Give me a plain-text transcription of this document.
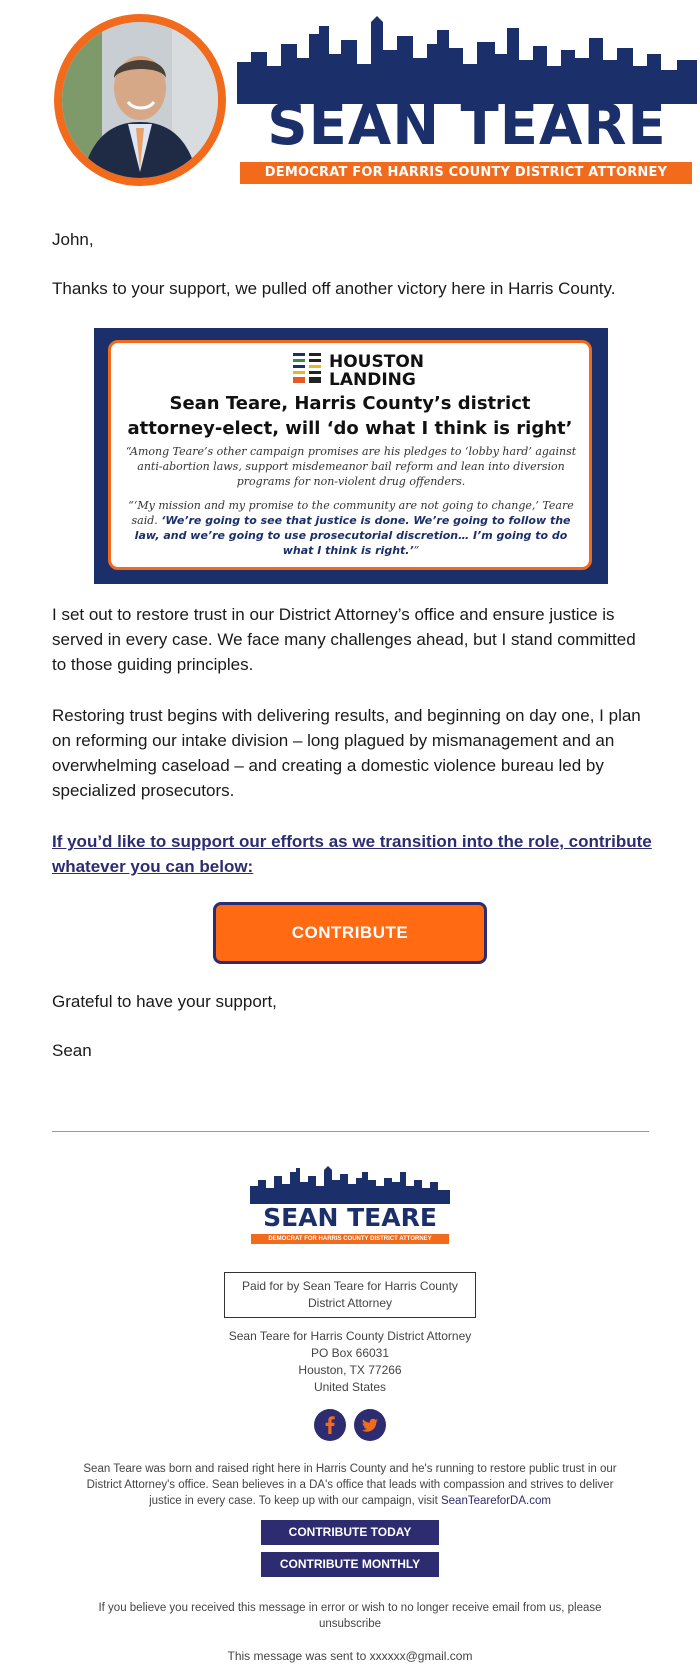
SEAN TEARE
DEMOCRAT FOR HARRIS COUNTY DISTRICT ATTORNEY
John,
Thanks to your support, we pulled off another victory here in Harris County.
HOUSTON
LANDING
Sean Teare, Harris County’s district attorney-elect, will ‘do what I think is right’
“Among Teare’s other campaign promises are his pledges to ‘lobby hard’ against anti-abortion laws, support misdemeanor bail reform and lean into diversion programs for non-violent drug offenders.
“‘My mission and my promise to the community are not going to change,’ Teare said. ‘We’re going to see that justice is done. We’re going to follow the law, and we’re going to use prosecutorial discretion… I’m going to do what I think is right.’”
I set out to restore trust in our District Attorney’s office and ensure justice is served in every case. We face many challenges ahead, but I stand committed to those guiding principles.
Restoring trust begins with delivering results, and beginning on day one, I plan on reforming our intake division – long plagued by mismanagement and an overwhelming caseload – and creating a domestic violence bureau led by specialized prosecutors.
If you’d like to support our efforts as we transition into the role, contribute whatever you can below:
CONTRIBUTE
Grateful to have your support,
Sean
SEAN TEARE
DEMOCRAT FOR HARRIS COUNTY DISTRICT ATTORNEY
Paid for by Sean Teare for Harris County District Attorney
Sean Teare for Harris County District Attorney
PO Box 66031
Houston, TX 77266
United States
Sean Teare was born and raised right here in Harris County and he's running to restore public trust in our District Attorney's office. Sean believes in a DA's office that leads with compassion and strives to deliver justice in every case. To keep up with our campaign, visit SeanTeareforDA.com
CONTRIBUTE TODAY
CONTRIBUTE MONTHLY
If you believe you received this message in error or wish to no longer receive email from us, please unsubscribe
This message was sent to xxxxxx@gmail.com
